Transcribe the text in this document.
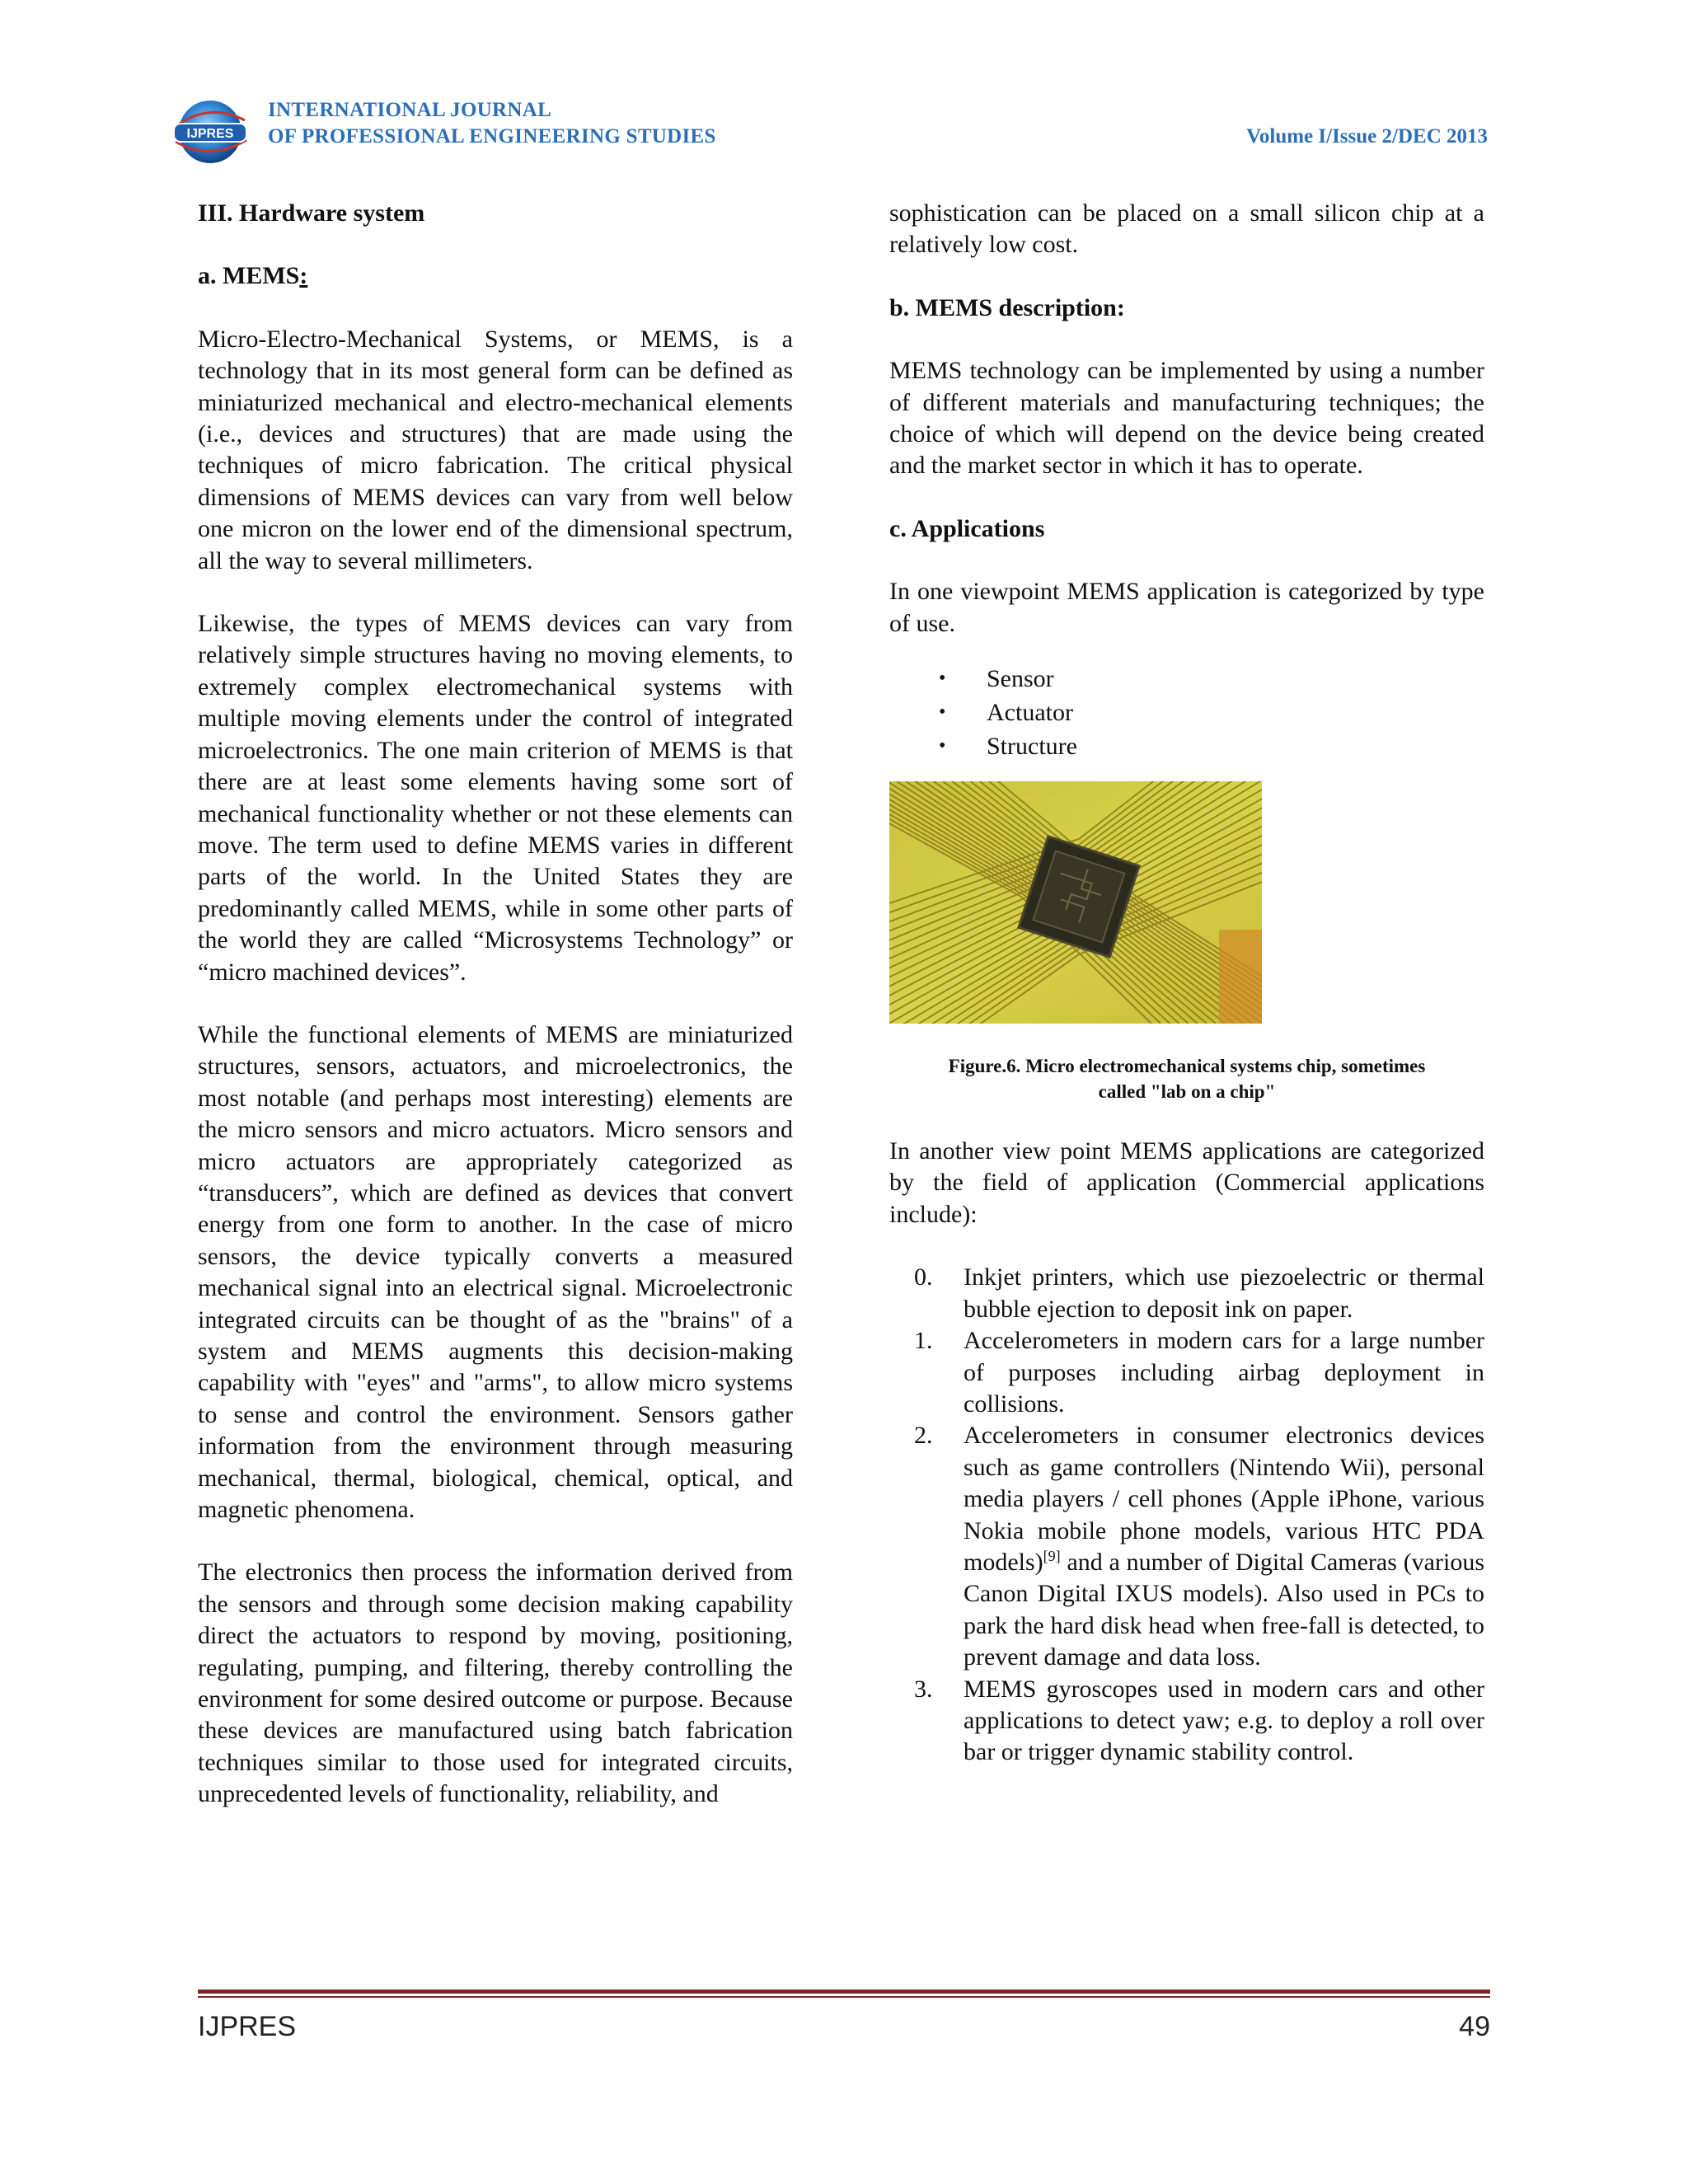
IJPRES
INTERNATIONAL JOURNAL
OF PROFESSIONAL ENGINEERING STUDIES	Volume I/Issue 2/DEC 2013

III. Hardware system

a. MEMS:

Micro-Electro-Mechanical Systems, or MEMS, is a technology that in its most general form can be defined as miniaturized mechanical and electro-mechanical elements (i.e., devices and structures) that are made using the techniques of micro fabrication. The critical physical dimensions of MEMS devices can vary from well below one micron on the lower end of the dimensional spectrum, all the way to several millimeters.

Likewise, the types of MEMS devices can vary from relatively simple structures having no moving elements, to extremely complex electromechanical systems with multiple moving elements under the control of integrated microelectronics. The one main criterion of MEMS is that there are at least some elements having some sort of mechanical functionality whether or not these elements can move. The term used to define MEMS varies in different parts of the world. In the United States they are predominantly called MEMS, while in some other parts of the world they are called “Microsystems Technology” or “micro machined devices”.

While the functional elements of MEMS are miniaturized structures, sensors, actuators, and microelectronics, the most notable (and perhaps most interesting) elements are the micro sensors and micro actuators. Micro sensors and micro actuators are appropriately categorized as “transducers”, which are defined as devices that convert energy from one form to another. In the case of micro sensors, the device typically converts a measured mechanical signal into an electrical signal. Microelectronic integrated circuits can be thought of as the "brains" of a system and MEMS augments this decision-making capability with "eyes" and "arms", to allow micro systems to sense and control the environment. Sensors gather information from the environment through measuring mechanical, thermal, biological, chemical, optical, and magnetic phenomena.

The electronics then process the information derived from the sensors and through some decision making capability direct the actuators to respond by moving, positioning, regulating, pumping, and filtering, thereby controlling the environment for some desired outcome or purpose. Because these devices are manufactured using batch fabrication techniques similar to those used for integrated circuits, unprecedented levels of functionality, reliability, and

sophistication can be placed on a small silicon chip at a relatively low cost.

b. MEMS description:

MEMS technology can be implemented by using a number of different materials and manufacturing techniques; the choice of which will depend on the device being created and the market sector in which it has to operate.

c. Applications

In one viewpoint MEMS application is categorized by type of use.

• Sensor
• Actuator
• Structure

Figure.6. Micro electromechanical systems chip, sometimes
called "lab on a chip"

In another view point MEMS applications are categorized by the field of application (Commercial applications include):

0. Inkjet printers, which use piezoelectric or thermal bubble ejection to deposit ink on paper.
1. Accelerometers in modern cars for a large number of purposes including airbag deployment in collisions.
2. Accelerometers in consumer electronics devices such as game controllers (Nintendo Wii), personal media players / cell phones (Apple iPhone, various Nokia mobile phone models, various HTC PDA models)[9] and a number of Digital Cameras (various Canon Digital IXUS models). Also used in PCs to park the hard disk head when free-fall is detected, to prevent damage and data loss.
3. MEMS gyroscopes used in modern cars and other applications to detect yaw; e.g. to deploy a roll over bar or trigger dynamic stability control.
IJPRES	49
